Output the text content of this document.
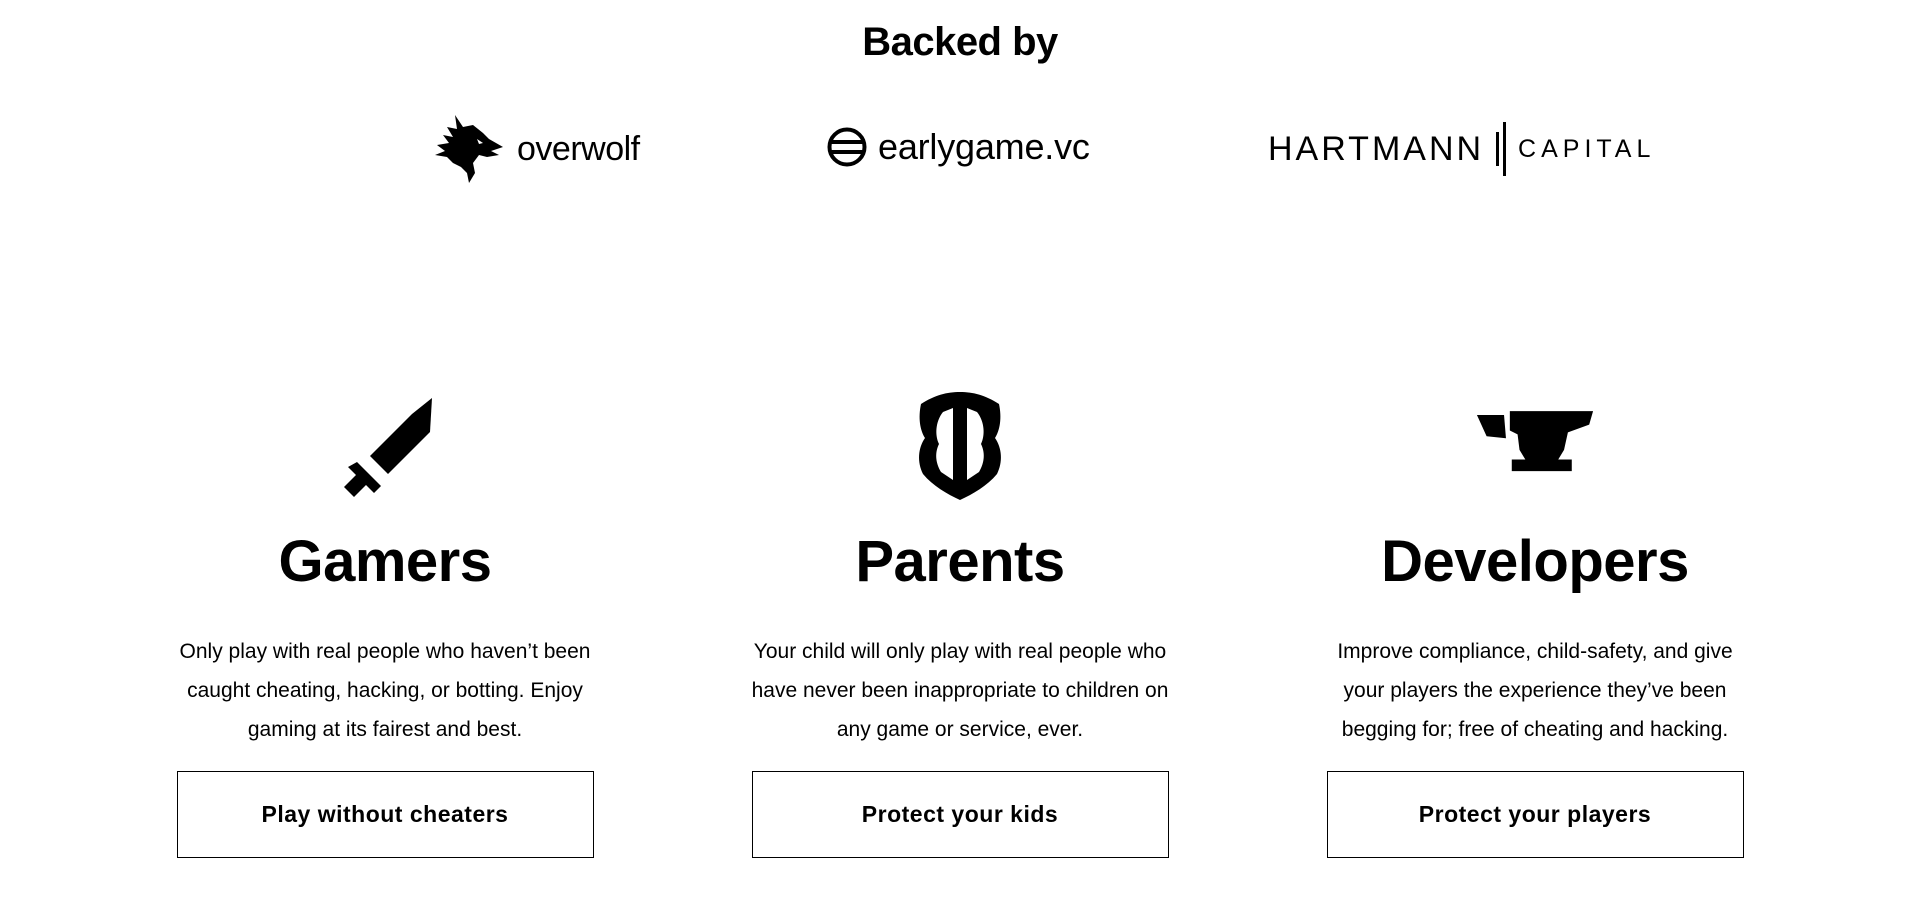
Backed by
overwolf	earlygame.vc	HARTMANN CAPITAL
Gamers

Only play with real people who haven’t been caught cheating, hacking, or botting. Enjoy gaming at its fairest and best.

Play without cheaters
Parents

Your child will only play with real people who have never been inappropriate to children on any game or service, ever.

Protect your kids
Developers

Improve compliance, child-safety, and give your players the experience they’ve been begging for; free of cheating and hacking.

Protect your players
